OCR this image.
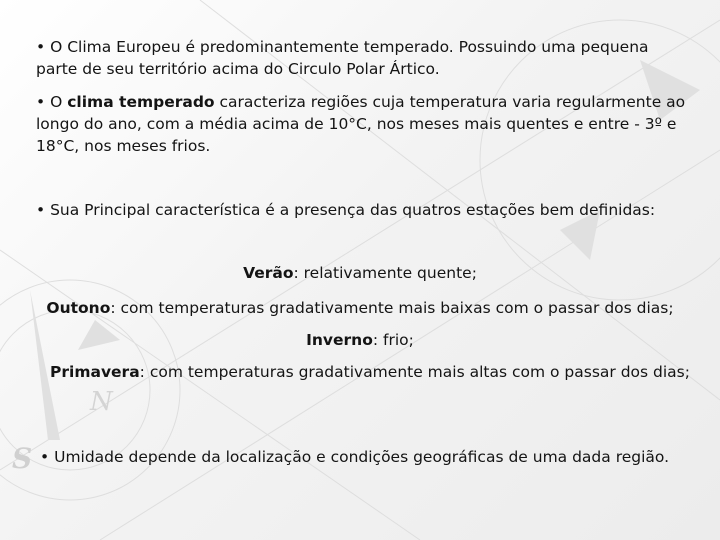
N
S

• O Clima Europeu é predominantemente temperado. Possuindo uma pequena parte de seu território acima do Circulo Polar Ártico.

• O clima temperado caracteriza regiões cuja temperatura varia regularmente ao longo do ano, com a média acima de 10°C, nos meses mais quentes e entre - 3º e 18°C, nos meses frios.

• Sua Principal característica é a presença das quatros estações bem definidas:

Verão: relativamente quente;

Outono: com temperaturas gradativamente mais baixas com o passar dos dias;

Inverno: frio;

Primavera: com temperaturas gradativamente mais altas com o passar dos dias;

• Umidade depende da localização e condições geográficas de uma dada região.
